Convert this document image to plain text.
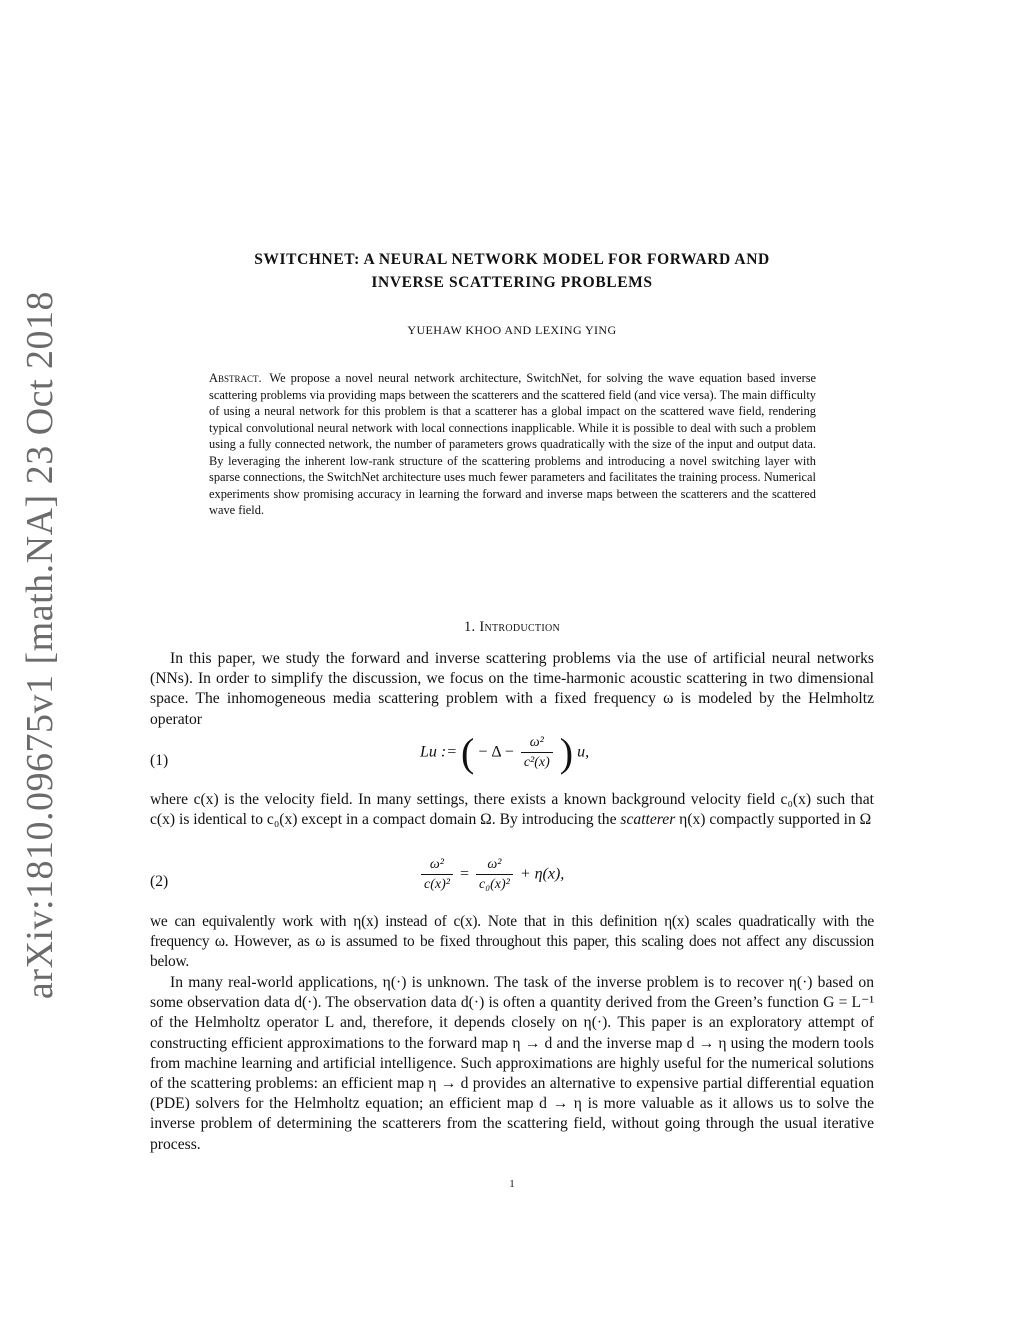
arXiv:1810.09675v1 [math.NA] 23 Oct 2018
SWITCHNET: A NEURAL NETWORK MODEL FOR FORWARD AND
INVERSE SCATTERING PROBLEMS
YUEHAW KHOO AND LEXING YING
Abstract. We propose a novel neural network architecture, SwitchNet, for solving the wave equation based inverse scattering problems via providing maps between the scatterers and the scattered field (and vice versa). The main difficulty of using a neural network for this problem is that a scatterer has a global impact on the scattered wave field, rendering typical convolutional neural network with local connections inapplicable. While it is possible to deal with such a problem using a fully connected network, the number of parameters grows quadratically with the size of the input and output data. By leveraging the inherent low-rank structure of the scattering problems and introducing a novel switching layer with sparse connections, the SwitchNet architecture uses much fewer parameters and facilitates the training process. Numerical experiments show promising accuracy in learning the forward and inverse maps between the scatterers and the scattered wave field.
1. Introduction

In this paper, we study the forward and inverse scattering problems via the use of artificial neural networks (NNs). In order to simplify the discussion, we focus on the time-harmonic acoustic scattering in two dimensional space. The inhomogeneous media scattering problem with a fixed frequency ω is modeled by the Helmholtz operator

(1)	Lu := ( − $\Delta - \frac{\text{ω²}}{\text{c²(x)}}$ ) u,

where c(x) is the velocity field. In many settings, there exists a known background velocity field c₀(x) such that c(x) is identical to c₀(x) except in a compact domain Ω. By introducing the scatterer η(x) compactly supported in Ω

(2)	$\frac{\text{ω²}}{\text{c(x)²}} = \frac{\text{ω²}}{\text{c₀(x)²}} + \eta(x)$,

we can equivalently work with η(x) instead of c(x). Note that in this definition η(x) scales quadratically with the frequency ω. However, as ω is assumed to be fixed throughout this paper, this scaling does not affect any discussion below.

In many real-world applications, η(·) is unknown. The task of the inverse problem is to recover η(·) based on some observation data d(·). The observation data d(·) is often a quantity derived from the Green’s function G = L⁻¹ of the Helmholtz operator L and, therefore, it depends closely on η(·). This paper is an exploratory attempt of constructing efficient approximations to the forward map η → d and the inverse map d → η using the modern tools from machine learning and artificial intelligence. Such approximations are highly useful for the numerical solutions of the scattering problems: an efficient map η → d provides an alternative to expensive partial differential equation (PDE) solvers for the Helmholtz equation; an efficient map d → η is more valuable as it allows us to solve the inverse problem of determining the scatterers from the scattering field, without going through the usual iterative process.

1
